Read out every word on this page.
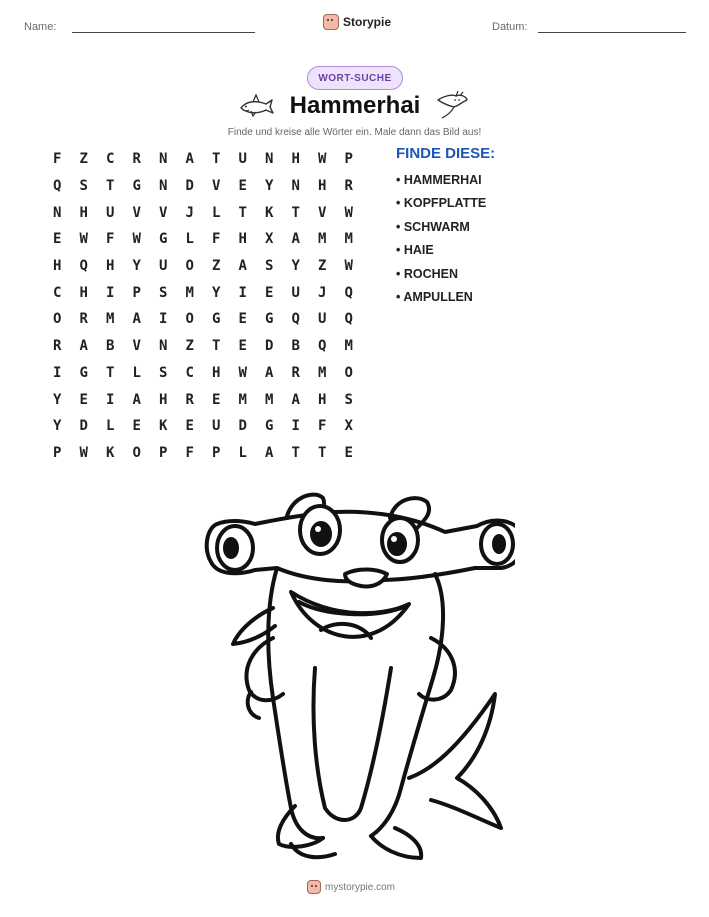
Name:	Storypie	Datum:
WORT-SUCHE
Hammerhai
Finde und kreise alle Wörter ein. Male dann das Bild aus!
F	Z	C	R	N	A	T	U	N	H	W	P
Q	S	T	G	N	D	V	E	Y	N	H	R
N	H	U	V	V	J	L	T	K	T	V	W
E	W	F	W	G	L	F	H	X	A	M	M
H	Q	H	Y	U	O	Z	A	S	Y	Z	W
C	H	I	P	S	M	Y	I	E	U	J	Q
O	R	M	A	I	O	G	E	G	Q	U	Q
R	A	B	V	N	Z	T	E	D	B	Q	M
I	G	T	L	S	C	H	W	A	R	M	O
Y	E	I	A	H	R	E	M	M	A	H	S
Y	D	L	E	K	E	U	D	G	I	F	X
P	W	K	O	P	F	P	L	A	T	T	E
FINDE DIESE:
• HAMMERHAI
• KOPFPLATTE
• SCHWARM
• HAIE
• ROCHEN
• AMPULLEN
mystorypie.com
